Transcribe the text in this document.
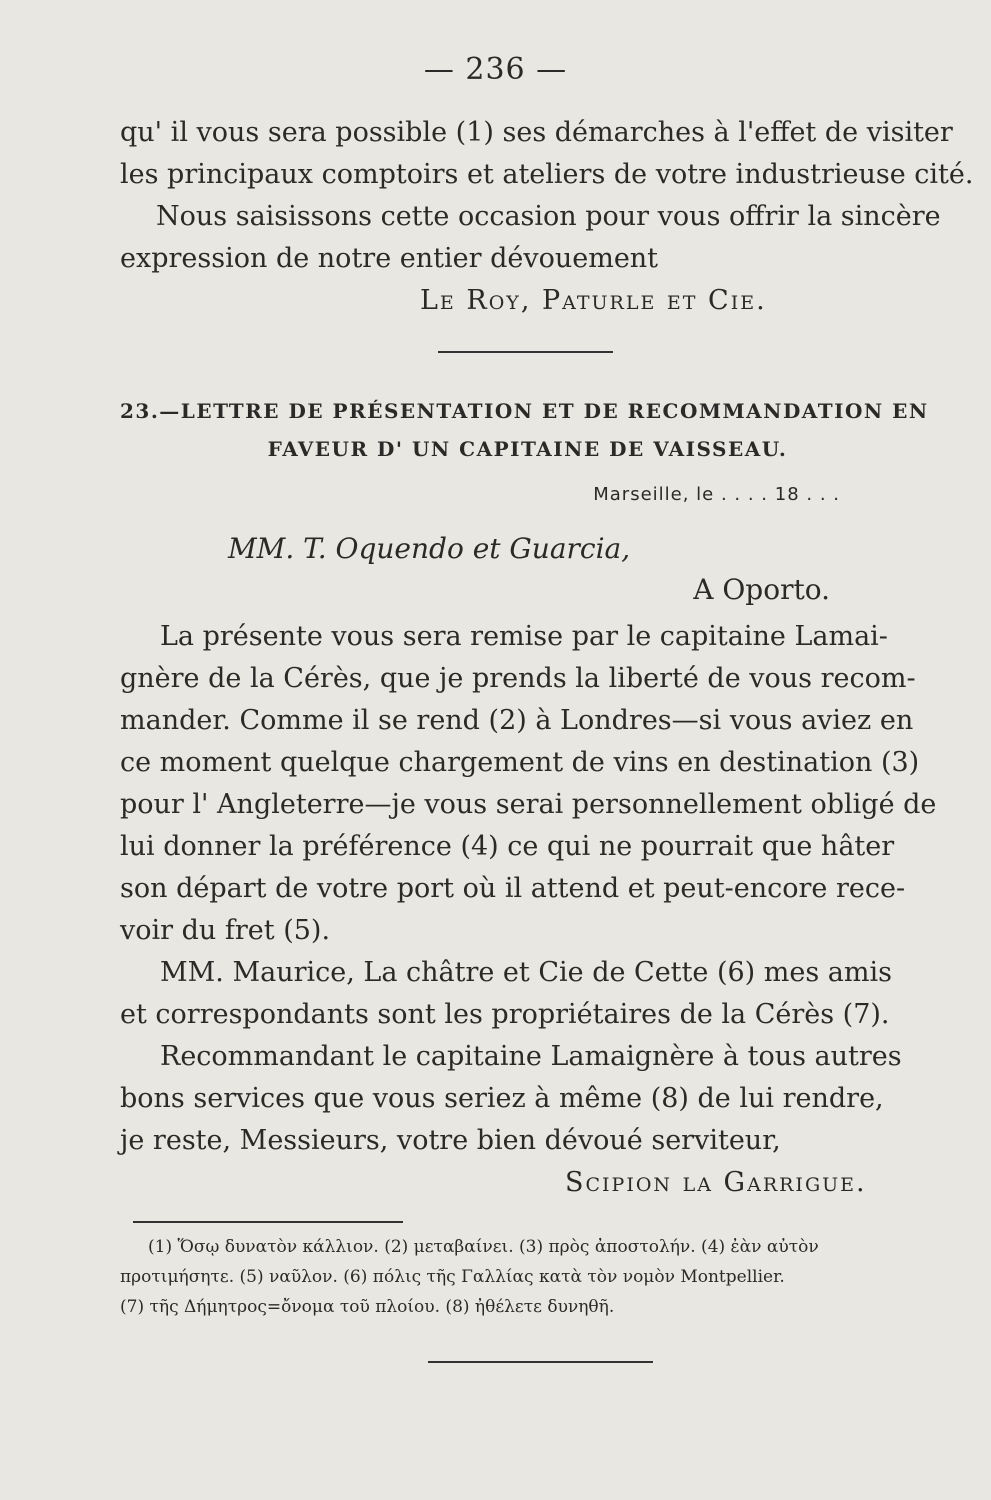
— 236 —
qu' il vous sera possible (1) ses démarches à l'effet de visiter
les principaux comptoirs et ateliers de votre industrieuse cité.
Nous saisissons cette occasion pour vous offrir la sincère
expression de notre entier dévouement
Le Roy, Paturle et Cie.
23.—LETTRE DE PRÉSENTATION ET DE RECOMMANDATION EN
FAVEUR D' UN CAPITAINE DE VAISSEAU.
Marseille, le . . . . 18 . . .
MM. T. Oquendo et Guarcia,
A Oporto.
La présente vous sera remise par le capitaine Lamai-
gnère de la Cérès, que je prends la liberté de vous recom-
mander. Comme il se rend (2) à Londres—si vous aviez en
ce moment quelque chargement de vins en destination (3)
pour l' Angleterre—je vous serai personnellement obligé de
lui donner la préférence (4) ce qui ne pourrait que hâter
son départ de votre port où il attend et peut-encore rece-
voir du fret (5).
MM. Maurice, La châtre et Cie de Cette (6) mes amis
et correspondants sont les propriétaires de la Cérès (7).
Recommandant le capitaine Lamaignère à tous autres
bons services que vous seriez à même (8) de lui rendre,
je reste, Messieurs, votre bien dévoué serviteur,
Scipion la Garrigue.
(1) Ὅσῳ δυνατὸν κάλλιον. (2) μεταβαίνει. (3) πρὸς ἀποστολήν. (4) ἐὰν αὐτὸν
προτιμήσητε. (5) ναῦλον. (6) πόλις τῆς Γαλλίας κατὰ τὸν νομὸν Montpellier.
(7) τῆς Δήμητρος=ὄνομα τοῦ πλοίου. (8) ἠθέλετε δυνηθῆ.
